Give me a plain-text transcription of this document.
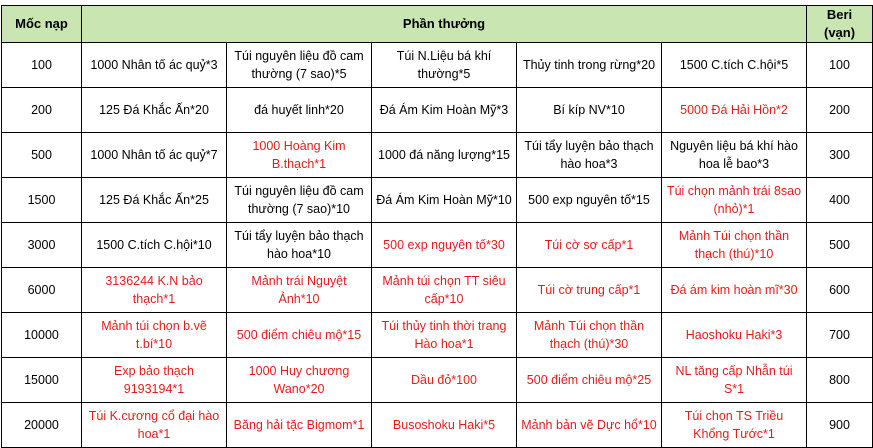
Mốc nạp	Phần thưởng					Beri (vạn)
100	1000 Nhân tố ác quỷ*3	Túi nguyên liệu đồ cam thường (7 sao)*5	Túi N.Liệu bá khí thường*5	Thủy tinh trong rừng*20	1500 C.tích C.hội*5	100
200	125 Đá Khắc Ấn*20	đá huyết linh*20	Đá Ám Kim Hoàn Mỹ*3	Bí kíp NV*10	5000 Đá Hải Hồn*2	200
500	1000 Nhân tố ác quỷ*7	1000 Hoàng Kim B.thạch*1	1000 đá năng lượng*15	Túi tẩy luyện bảo thạch hào hoa*3	Nguyên liệu bá khí hào hoa lễ bao*3	300
1500	125 Đá Khắc Ấn*25	Túi nguyên liệu đồ cam thường (7 sao)*10	Đá Ám Kim Hoàn Mỹ*10	500 exp nguyên tố*15	Túi chọn mảnh trái 8sao (nhỏ)*1	400
3000	1500 C.tích C.hội*10	Túi tẩy luyện bảo thạch hào hoa*10	500 exp nguyên tố*30	Túi cờ sơ cấp*1	Mảnh Túi chọn thần thạch (thú)*10	500
6000	3136244 K.N bảo thạch*1	Mảnh trái Nguyệt Ảnh*10	Mảnh túi chọn TT siêu cấp*10	Túi cờ trung cấp*1	Đá ám kim hoàn mĩ*30	600
10000	Mảnh túi chọn b.vẽ t.bí*10	500 điểm chiêu mộ*15	Túi thủy tinh thời trang Hào hoa*1	Mảnh Túi chọn thần thạch (thú)*30	Haoshoku Haki*3	700
15000	Exp bảo thạch 9193194*1	1000 Huy chương Wano*20	Dầu đỏ*100	500 điểm chiêu mộ*25	NL tăng cấp Nhẫn túi S*1	800
20000	Túi K.cương cổ đại hào hoa*1	Băng hải tặc Bigmom*1	Busoshoku Haki*5	Mảnh bản vẽ Dực hổ*10	Túi chọn TS Triều Khổng Tước*1	900
